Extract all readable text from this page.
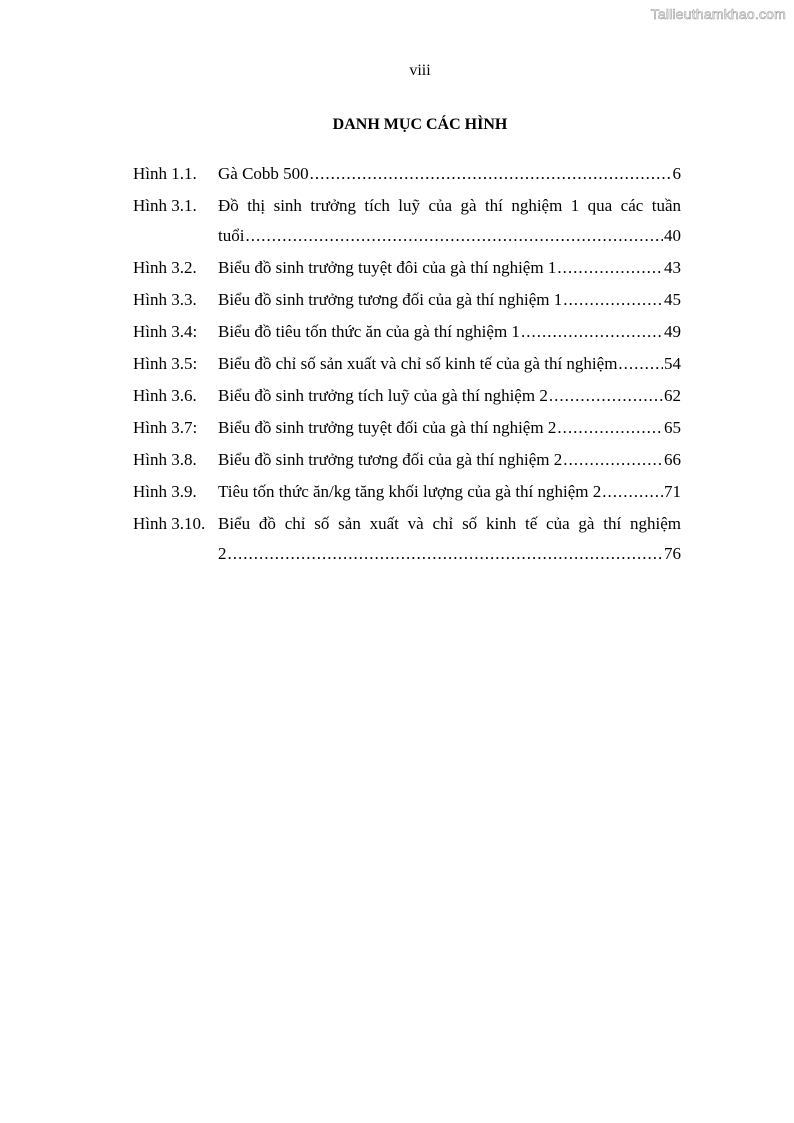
Tailieuthamkhao.com
viii
DANH MỤC CÁC HÌNH
Hình 1.1.	Gà Cobb 500 .....	6
Hình 3.1.	Đồ thị sinh trưởng tích luỹ của gà thí nghiệm 1 qua các tuần
tuổi .....	40
Hình 3.2.	Biểu đồ sinh trưởng tuyệt đôi của gà thí nghiệm 1 .....	43
Hình 3.3.	Biểu đồ sinh trưởng tương đối của gà thí nghiệm 1 .....	45
Hình 3.4:	Biểu đồ tiêu tốn thức ăn của gà thí nghiệm 1 .....	49
Hình 3.5:	Biểu đồ chỉ số sản xuất và chỉ số kinh tế của gà thí nghiệm .....	54
Hình 3.6.	Biểu đồ sinh trưởng tích luỹ của gà thí nghiệm 2 .....	62
Hình 3.7:	Biểu đồ sinh trưởng tuyệt đối của gà thí nghiệm 2 .....	65
Hình 3.8.	Biểu đồ sinh trưởng tương đối của gà thí nghiệm 2 .....	66
Hình 3.9.	Tiêu tốn thức ăn/kg tăng khối lượng của gà thí nghiệm 2 .....	71
Hình 3.10. Biểu đồ chỉ số sản xuất và chỉ số kinh tế của gà thí nghiệm
2 .....	76
